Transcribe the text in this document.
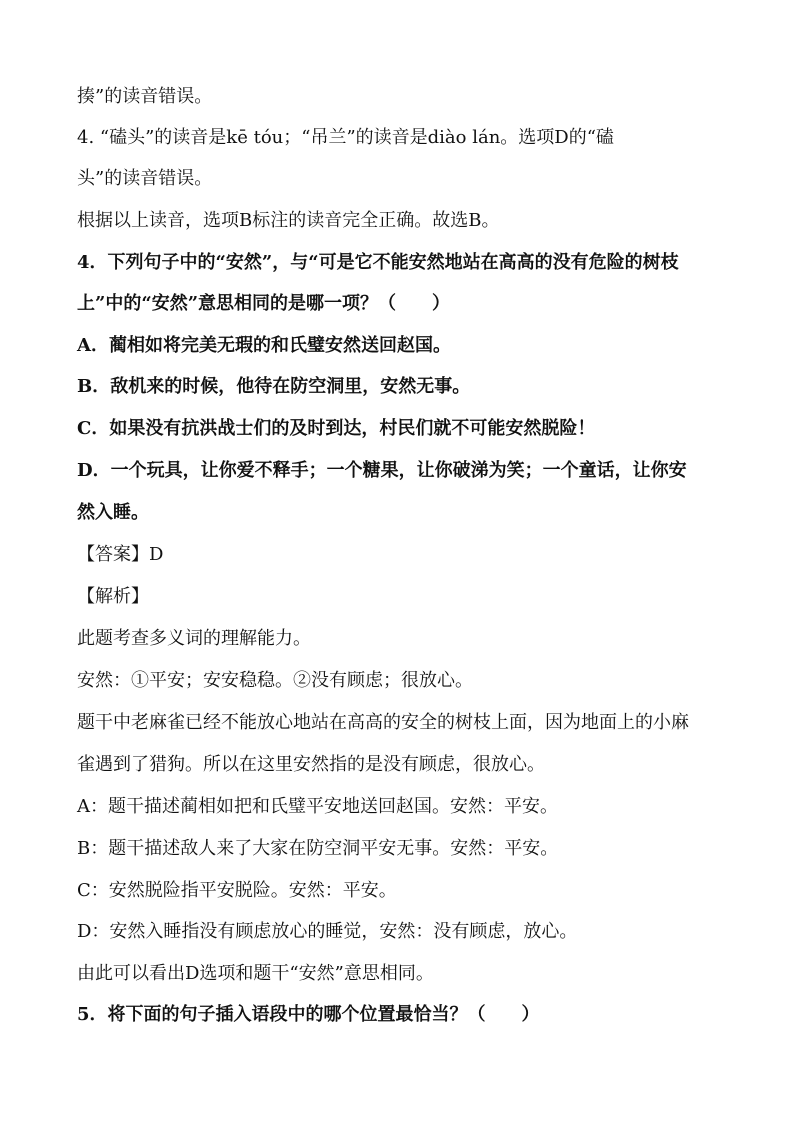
揍”的读音错误。
4. “磕头”的读音是kē tóu；“吊兰”的读音是diào lán。选项D的“磕
头”的读音错误。
根据以上读音，选项B标注的读音完全正确。故选B。
4．下列句子中的“安然”，与“可是它不能安然地站在高高的没有危险的树枝
上”中的“安然”意思相同的是哪一项？（　　）
A．蔺相如将完美无瑕的和氏璧安然送回赵国。
B．敌机来的时候，他待在防空洞里，安然无事。
C．如果没有抗洪战士们的及时到达，村民们就不可能安然脱险！
D．一个玩具，让你爱不释手；一个糖果，让你破涕为笑；一个童话，让你安
然入睡。
【答案】D
【解析】
此题考查多义词的理解能力。
安然：①平安；安安稳稳。②没有顾虑；很放心。
题干中老麻雀已经不能放心地站在高高的安全的树枝上面，因为地面上的小麻
雀遇到了猎狗。所以在这里安然指的是没有顾虑，很放心。
A：题干描述蔺相如把和氏璧平安地送回赵国。安然：平安。
B：题干描述敌人来了大家在防空洞平安无事。安然：平安。
C：安然脱险指平安脱险。安然：平安。
D：安然入睡指没有顾虑放心的睡觉，安然：没有顾虑，放心。
由此可以看出D选项和题干“安然”意思相同。
5．将下面的句子插入语段中的哪个位置最恰当？（　　）
